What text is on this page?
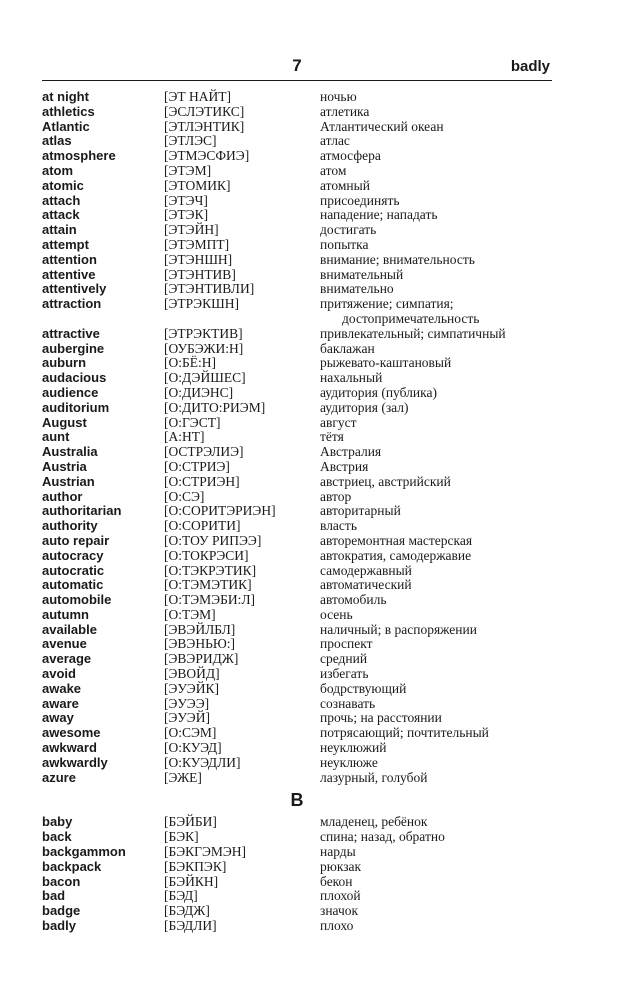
7	badly
at night	[ЭТ НАЙТ]	ночью
athletics	[ЭСЛЭТИКС]	атлетика
Atlantic	[ЭТЛЭНТИК]	Атлантический океан
atlas	[ЭТЛЭС]	атлас
atmosphere	[ЭТМЭСФИЭ]	атмосфера
atom	[ЭТЭМ]	атом
atomic	[ЭТОМИК]	атомный
attach	[ЭТЭЧ]	присоединять
attack	[ЭТЭК]	нападение; нападать
attain	[ЭТЭЙН]	достигать
attempt	[ЭТЭМПТ]	попытка
attention	[ЭТЭНШН]	внимание; внимательность
attentive	[ЭТЭНТИВ]	внимательный
attentively	[ЭТЭНТИВЛИ]	внимательно
attraction	[ЭТРЭКШН]	притяжение; симпатия; достопримечательность
attractive	[ЭТРЭКТИВ]	привлекательный; симпатичный
aubergine	[ОУБЭЖИ:Н]	баклажан
auburn	[О:БЁ:Н]	рыжевато-каштановый
audacious	[О:ДЭЙШЕС]	нахальный
audience	[О:ДИЭНС]	аудитория (публика)
auditorium	[О:ДИТО:РИЭМ]	аудитория (зал)
August	[О:ГЭСТ]	август
aunt	[А:НТ]	тётя
Australia	[ОСТРЭЛИЭ]	Австралия
Austria	[О:СТРИЭ]	Австрия
Austrian	[О:СТРИЭН]	австриец, австрийский
author	[О:СЭ]	автор
authoritarian	[О:СОРИТЭРИЭН]	авторитарный
authority	[О:СОРИТИ]	власть
auto repair	[О:ТОУ РИПЭЭ]	авторемонтная мастерская
autocracy	[О:ТОКРЭСИ]	автократия, самодержавие
autocratic	[О:ТЭКРЭТИК]	самодержавный
automatic	[О:ТЭМЭТИК]	автоматический
automobile	[О:ТЭМЭБИ:Л]	автомобиль
autumn	[О:ТЭМ]	осень
available	[ЭВЭЙЛБЛ]	наличный; в распоряжении
avenue	[ЭВЭНЬЮ:]	проспект
average	[ЭВЭРИДЖ]	средний
avoid	[ЭВОЙД]	избегать
awake	[ЭУЭЙК]	бодрствующий
aware	[ЭУЭЭ]	сознавать
away	[ЭУЭЙ]	прочь; на расстоянии
awesome	[О:СЭМ]	потрясающий; почтительный
awkward	[О:КУЭД]	неуклюжий
awkwardly	[О:КУЭДЛИ]	неуклюже
azure	[ЭЖЕ]	лазурный, голубой
B
baby	[БЭЙБИ]	младенец, ребёнок
back	[БЭК]	спина; назад, обратно
backgammon	[БЭКГЭМЭН]	нарды
backpack	[БЭКПЭК]	рюкзак
bacon	[БЭЙКН]	бекон
bad	[БЭД]	плохой
badge	[БЭДЖ]	значок
badly	[БЭДЛИ]	плохо
